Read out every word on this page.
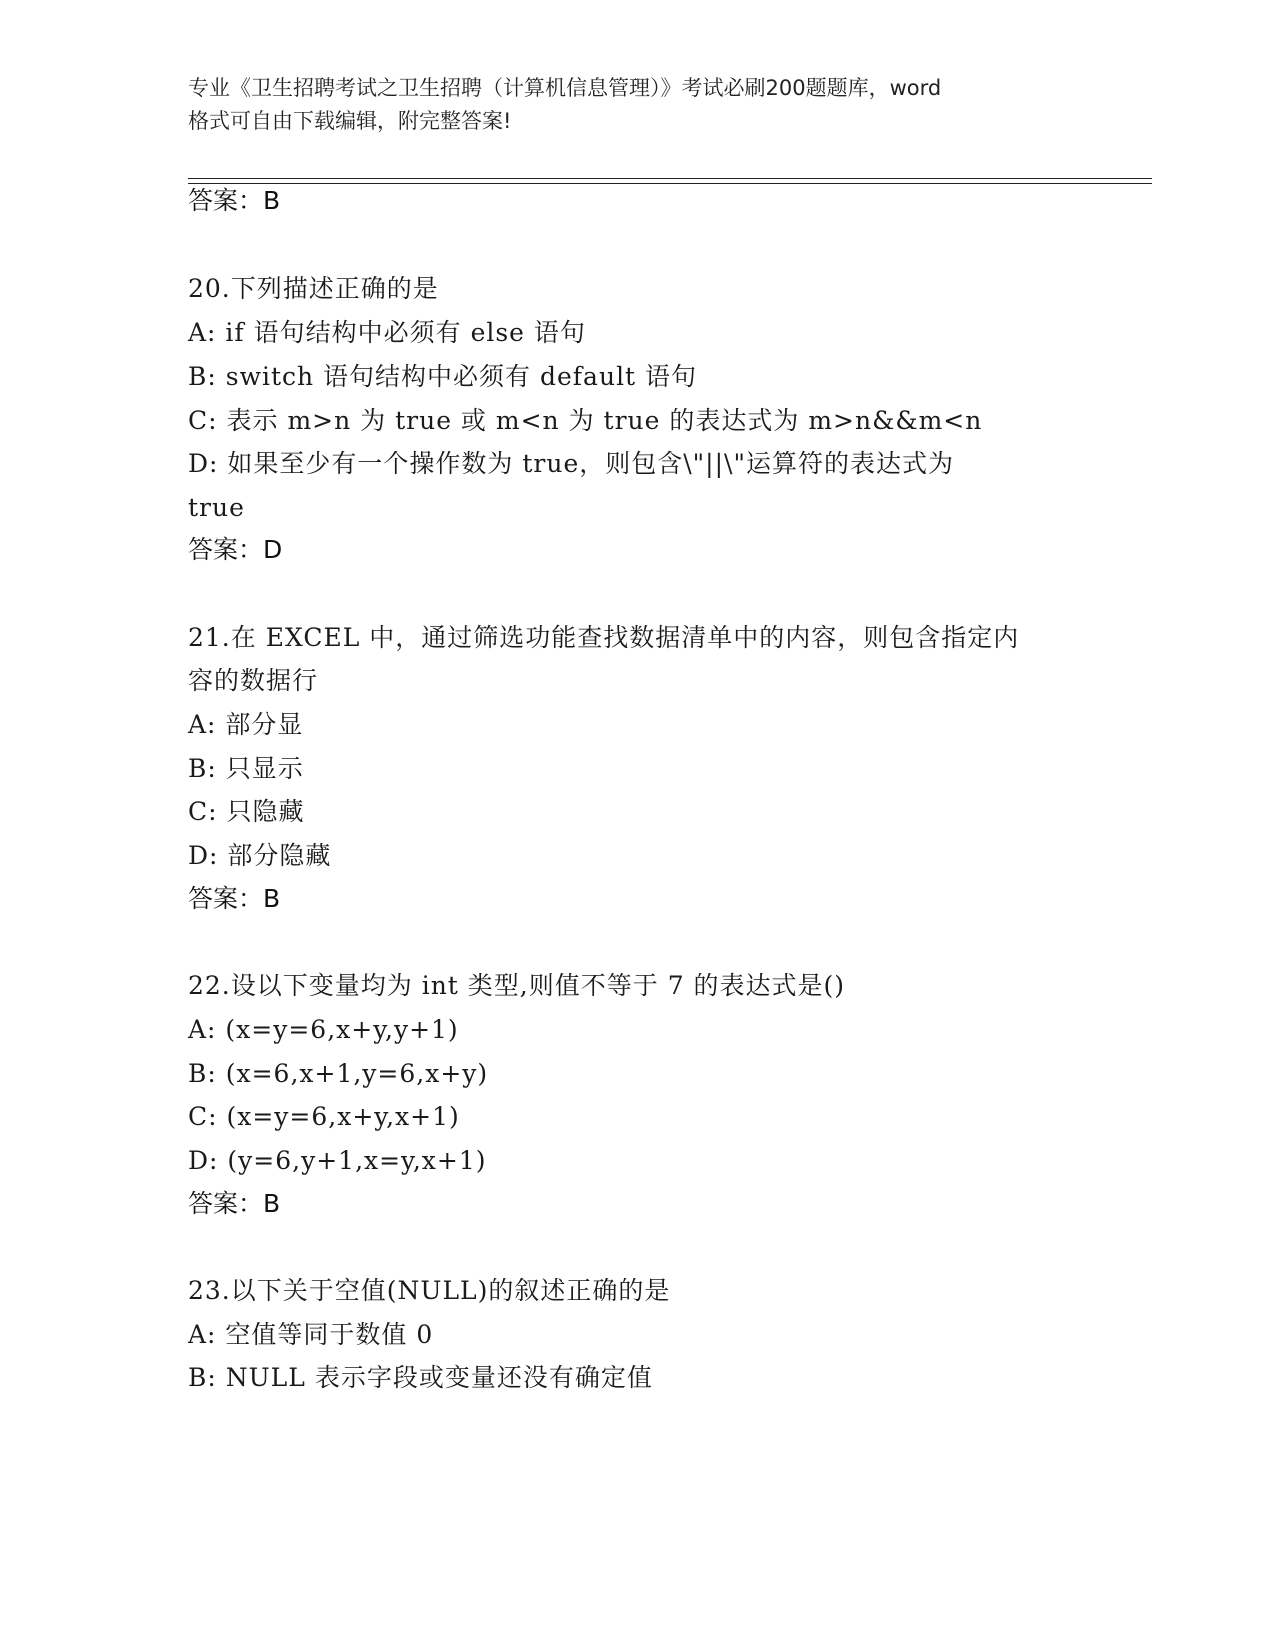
专业《卫生招聘考试之卫生招聘（计算机信息管理）》考试必刷200题题库，word
格式可自由下载编辑，附完整答案!
答案：B
20.下列描述正确的是
A: if 语句结构中必须有 else 语句
B: switch 语句结构中必须有 default 语句
C: 表示 m>n 为 true 或 m<n 为 true 的表达式为 m>n&&m<n
D: 如果至少有一个操作数为 true，则包含\"||\"运算符的表达式为
true
答案：D
21.在 EXCEL 中，通过筛选功能查找数据清单中的内容，则包含指定内
容的数据行
A: 部分显
B: 只显示
C: 只隐藏
D: 部分隐藏
答案：B
22.设以下变量均为 int 类型,则值不等于 7 的表达式是()
A: (x=y=6,x+y,y+1)
B: (x=6,x+1,y=6,x+y)
C: (x=y=6,x+y,x+1)
D: (y=6,y+1,x=y,x+1)
答案：B
23.以下关于空值(NULL)的叙述正确的是
A: 空值等同于数值 0
B: NULL 表示字段或变量还没有确定值
